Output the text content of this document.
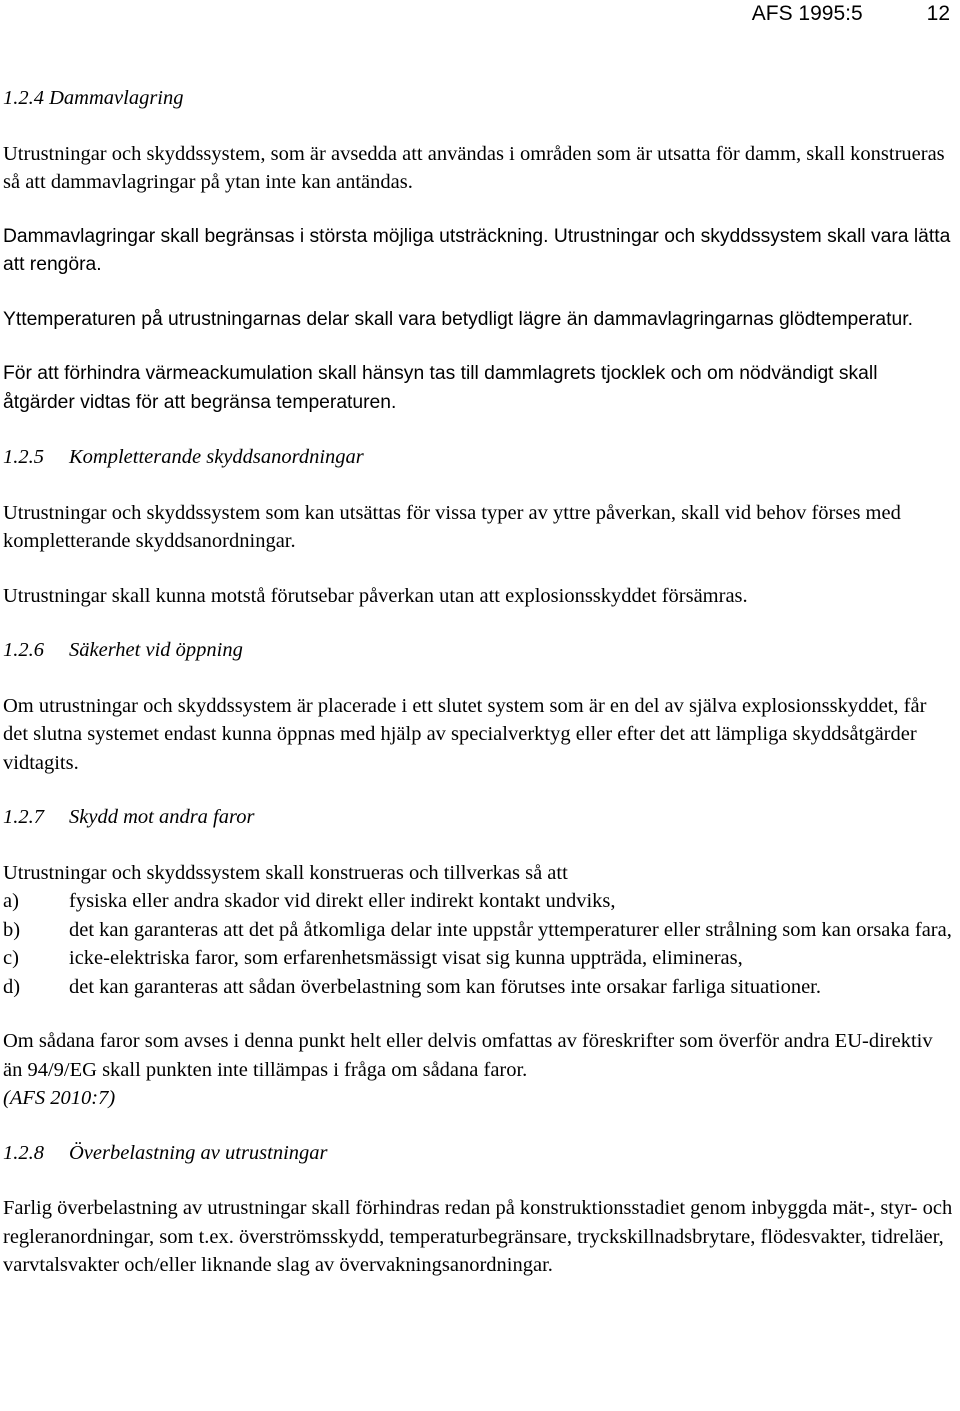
AFS 1995:5	12
1.2.4 Dammavlagring

Utrustningar och skyddssystem, som är avsedda att användas i områden som är utsatta för damm, skall konstrueras så att dammavlagringar på ytan inte kan antändas.

Dammavlagringar skall begränsas i största möjliga utsträckning. Utrustningar och skyddssystem skall vara lätta att rengöra.

Yttemperaturen på utrustningarnas delar skall vara betydligt lägre än dammavlagringarnas glödtemperatur.

För att förhindra värmeackumulation skall hänsyn tas till dammlagrets tjocklek och om nödvändigt skall åtgärder vidtas för att begränsa temperaturen.

1.2.5 Kompletterande skyddsanordningar

Utrustningar och skyddssystem som kan utsättas för vissa typer av yttre påverkan, skall vid behov förses med kompletterande skyddsanordningar.

Utrustningar skall kunna motstå förutsebar påverkan utan att explosionsskyddet försämras.

1.2.6 Säkerhet vid öppning

Om utrustningar och skyddssystem är placerade i ett slutet system som är en del av själva explosionsskyddet, får det slutna systemet endast kunna öppnas med hjälp av specialverktyg eller efter det att lämpliga skyddsåtgärder vidtagits.

1.2.7 Skydd mot andra faror

Utrustningar och skyddssystem skall konstrueras och tillverkas så att

a) fysiska eller andra skador vid direkt eller indirekt kontakt undviks,
b) det kan garanteras att det på åtkomliga delar inte uppstår yttemperaturer eller strålning som kan orsaka fara,
c) icke-elektriska faror, som erfarenhetsmässigt visat sig kunna uppträda, elimineras,
d) det kan garanteras att sådan överbelastning som kan förutses inte orsakar farliga situationer.

Om sådana faror som avses i denna punkt helt eller delvis omfattas av föreskrifter som överför andra EU-direktiv än 94/9/EG skall punkten inte tillämpas i fråga om sådana faror.
(AFS 2010:7)

1.2.8 Överbelastning av utrustningar

Farlig överbelastning av utrustningar skall förhindras redan på konstruktionsstadiet genom inbyggda mät-, styr- och regleranordningar, som t.ex. överströmsskydd, temperaturbegränsare, tryckskillnadsbrytare, flödesvakter, tidreläer, varvtalsvakter och/eller liknande slag av övervakningsanordningar.
